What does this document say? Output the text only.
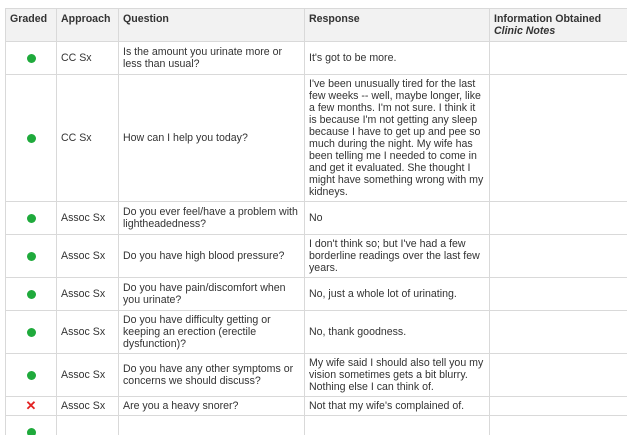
Graded	Approach	Question	Response	Information Obtained
Clinic Notes

	CC Sx	Is the amount you urinate more or less than usual?	It's got to be more.	
	CC Sx	How can I help you today?	I've been unusually tired for the last few weeks -- well, maybe longer, like a few months. I'm not sure. I think it is because I'm not getting any sleep because I have to get up and pee so much during the night. My wife has been telling me I needed to come in and get it evaluated. She thought I might have something wrong with my kidneys.	
	Assoc Sx	Do you ever feel/have a problem with lightheadedness?	No	
	Assoc Sx	Do you have high blood pressure?	I don't think so; but I've had a few borderline readings over the last few years.	
	Assoc Sx	Do you have pain/discomfort when you urinate?	No, just a whole lot of urinating.	
	Assoc Sx	Do you have difficulty getting or keeping an erection (erectile dysfunction)?	No, thank goodness.	
	Assoc Sx	Do you have any other symptoms or concerns we should discuss?	My wife said I should also tell you my vision sometimes gets a bit blurry. Nothing else I can think of.	
✕	Assoc Sx	Are you a heavy snorer?	Not that my wife's complained of.	
